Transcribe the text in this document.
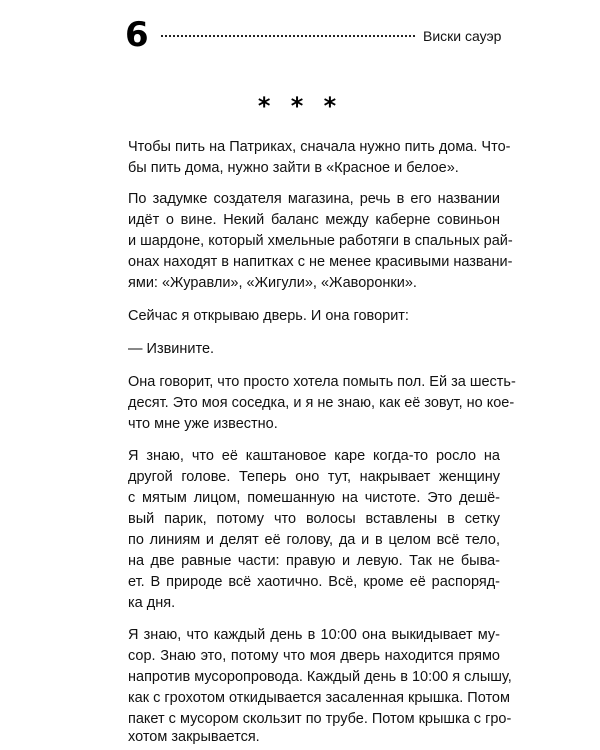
6	Виски сауэр
* * *
Чтобы пить на Патриках, сначала нужно пить дома. Что-
бы пить дома, нужно зайти в «Красное и белое».
По задумке создателя магазина, речь в его названии
идёт о вине. Некий баланс между каберне совиньон
и шардоне, который хмельные работяги в спальных рай-
онах находят в напитках с не менее красивыми названи-
ями: «Журавли», «Жигули», «Жаворонки».
Сейчас я открываю дверь. И она говорит:
— Извините.
Она говорит, что просто хотела помыть пол. Ей за шесть-
десят. Это моя соседка, и я не знаю, как её зовут, но кое-
что мне уже известно.
Я знаю, что её каштановое каре когда-то росло на
другой голове. Теперь оно тут, накрывает женщину
с мятым лицом, помешанную на чистоте. Это дешё-
вый парик, потому что волосы вставлены в сетку
по линиям и делят её голову, да и в целом всё тело,
на две равные части: правую и левую. Так не быва-
ет. В природе всё хаотично. Всё, кроме её распоряд-
ка дня.
Я знаю, что каждый день в 10:00 она выкидывает му-
сор. Знаю это, потому что моя дверь находится прямо
напротив мусоропровода. Каждый день в 10:00 я слышу,
как с грохотом откидывается засаленная крышка. Потом
пакет с мусором скользит по трубе. Потом крышка с гро-
хотом закрывается.
